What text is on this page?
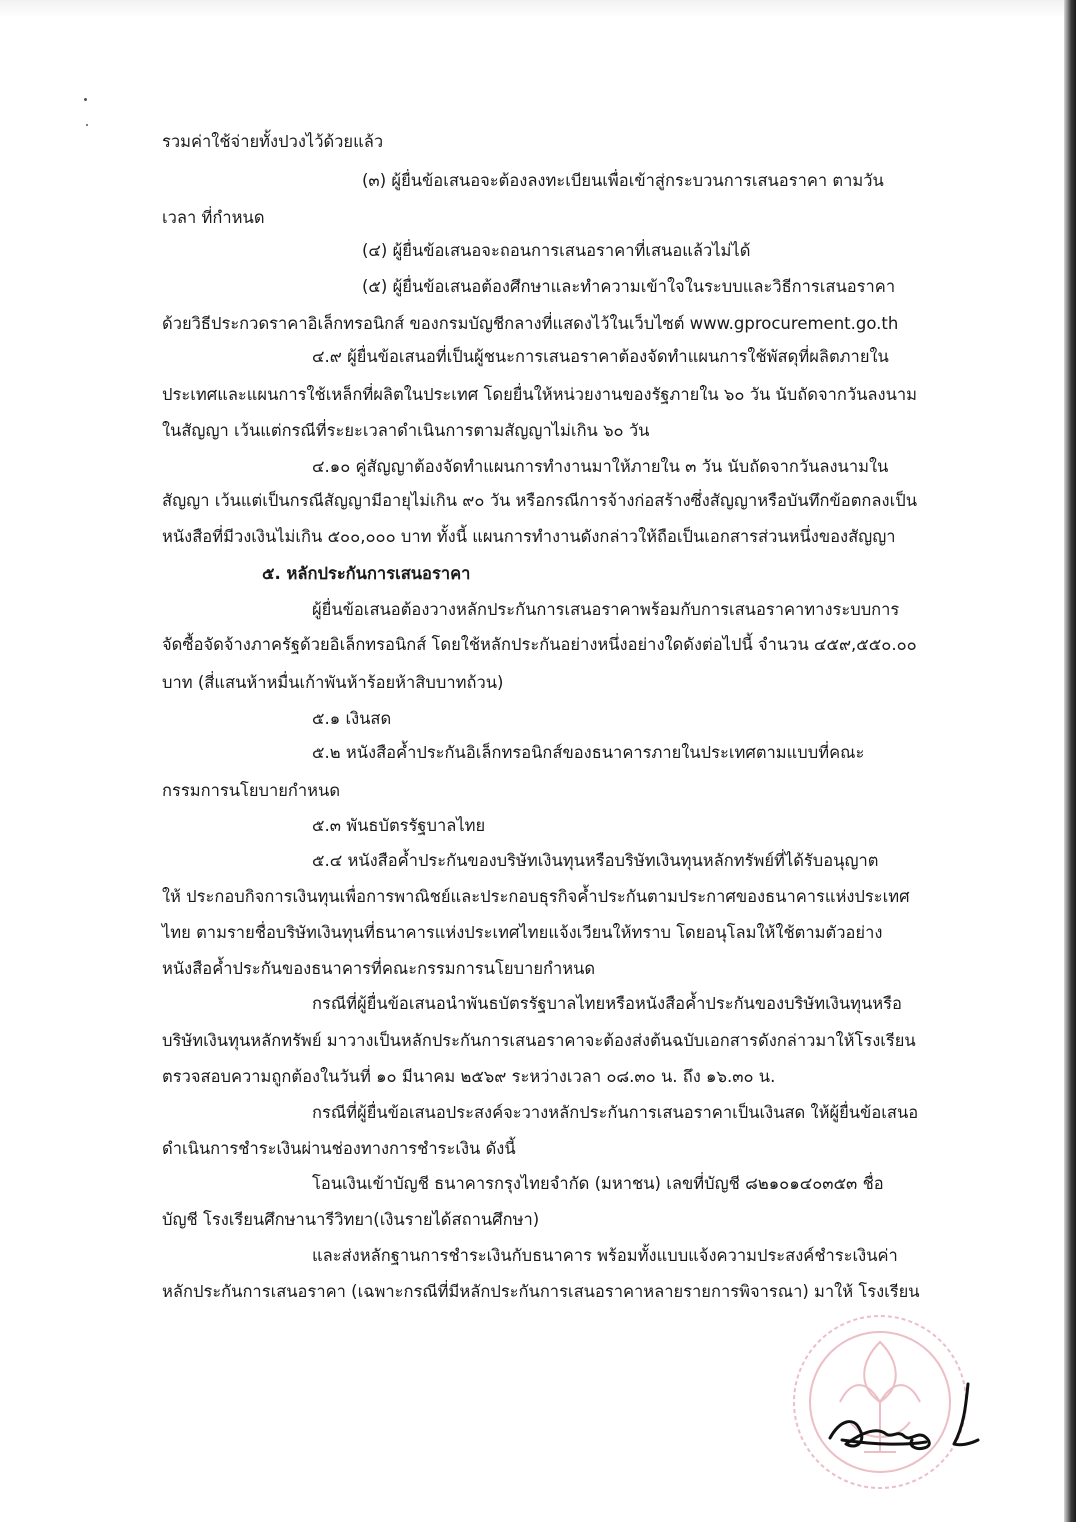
รวมค่าใช้จ่ายทั้งปวงไว้ด้วยแล้ว
(๓) ผู้ยื่นข้อเสนอจะต้องลงทะเบียนเพื่อเข้าสู่กระบวนการเสนอราคา ตามวัน
เวลา ที่กำหนด
(๔) ผู้ยื่นข้อเสนอจะถอนการเสนอราคาที่เสนอแล้วไม่ได้
(๕) ผู้ยื่นข้อเสนอต้องศึกษาและทำความเข้าใจในระบบและวิธีการเสนอราคา
ด้วยวิธีประกวดราคาอิเล็กทรอนิกส์ ของกรมบัญชีกลางที่แสดงไว้ในเว็บไซต์ www.gprocurement.go.th
๔.๙ ผู้ยื่นข้อเสนอที่เป็นผู้ชนะการเสนอราคาต้องจัดทำแผนการใช้พัสดุที่ผลิตภายใน
ประเทศและแผนการใช้เหล็กที่ผลิตในประเทศ โดยยื่นให้หน่วยงานของรัฐภายใน ๖๐ วัน นับถัดจากวันลงนาม
ในสัญญา เว้นแต่กรณีที่ระยะเวลาดำเนินการตามสัญญาไม่เกิน ๖๐ วัน
๔.๑๐ คู่สัญญาต้องจัดทำแผนการทำงานมาให้ภายใน ๓ วัน นับถัดจากวันลงนามใน
สัญญา เว้นแต่เป็นกรณีสัญญามีอายุไม่เกิน ๙๐ วัน หรือกรณีการจ้างก่อสร้างซึ่งสัญญาหรือบันทึกข้อตกลงเป็น
หนังสือที่มีวงเงินไม่เกิน ๕๐๐,๐๐๐ บาท ทั้งนี้ แผนการทำงานดังกล่าวให้ถือเป็นเอกสารส่วนหนึ่งของสัญญา
๕. หลักประกันการเสนอราคา
ผู้ยื่นข้อเสนอต้องวางหลักประกันการเสนอราคาพร้อมกับการเสนอราคาทางระบบการ
จัดซื้อจัดจ้างภาครัฐด้วยอิเล็กทรอนิกส์ โดยใช้หลักประกันอย่างหนึ่งอย่างใดดังต่อไปนี้ จำนวน ๔๕๙,๕๕๐.๐๐
บาท (สี่แสนห้าหมื่นเก้าพันห้าร้อยห้าสิบบาทถ้วน)
๕.๑ เงินสด
๕.๒ หนังสือค้ำประกันอิเล็กทรอนิกส์ของธนาคารภายในประเทศตามแบบที่คณะ
กรรมการนโยบายกำหนด
๕.๓ พันธบัตรรัฐบาลไทย
๕.๔ หนังสือค้ำประกันของบริษัทเงินทุนหรือบริษัทเงินทุนหลักทรัพย์ที่ได้รับอนุญาต
ให้ ประกอบกิจการเงินทุนเพื่อการพาณิชย์และประกอบธุรกิจค้ำประกันตามประกาศของธนาคารแห่งประเทศ
ไทย ตามรายชื่อบริษัทเงินทุนที่ธนาคารแห่งประเทศไทยแจ้งเวียนให้ทราบ โดยอนุโลมให้ใช้ตามตัวอย่าง
หนังสือค้ำประกันของธนาคารที่คณะกรรมการนโยบายกำหนด
กรณีที่ผู้ยื่นข้อเสนอนำพันธบัตรรัฐบาลไทยหรือหนังสือค้ำประกันของบริษัทเงินทุนหรือ
บริษัทเงินทุนหลักทรัพย์ มาวางเป็นหลักประกันการเสนอราคาจะต้องส่งต้นฉบับเอกสารดังกล่าวมาให้โรงเรียน
ตรวจสอบความถูกต้องในวันที่ ๑๐ มีนาคม ๒๕๖๙ ระหว่างเวลา ๐๘.๓๐ น. ถึง ๑๖.๓๐ น.
กรณีที่ผู้ยื่นข้อเสนอประสงค์จะวางหลักประกันการเสนอราคาเป็นเงินสด ให้ผู้ยื่นข้อเสนอ
ดำเนินการชำระเงินผ่านช่องทางการชำระเงิน ดังนี้
โอนเงินเข้าบัญชี ธนาคารกรุงไทยจำกัด (มหาชน) เลขที่บัญชี ๘๒๑๐๑๔๐๓๕๓ ชื่อ
บัญชี โรงเรียนศึกษานารีวิทยา(เงินรายได้สถานศึกษา)
และส่งหลักฐานการชำระเงินกับธนาคาร พร้อมทั้งแบบแจ้งความประสงค์ชำระเงินค่า
หลักประกันการเสนอราคา (เฉพาะกรณีที่มีหลักประกันการเสนอราคาหลายรายการพิจารณา) มาให้ โรงเรียน
